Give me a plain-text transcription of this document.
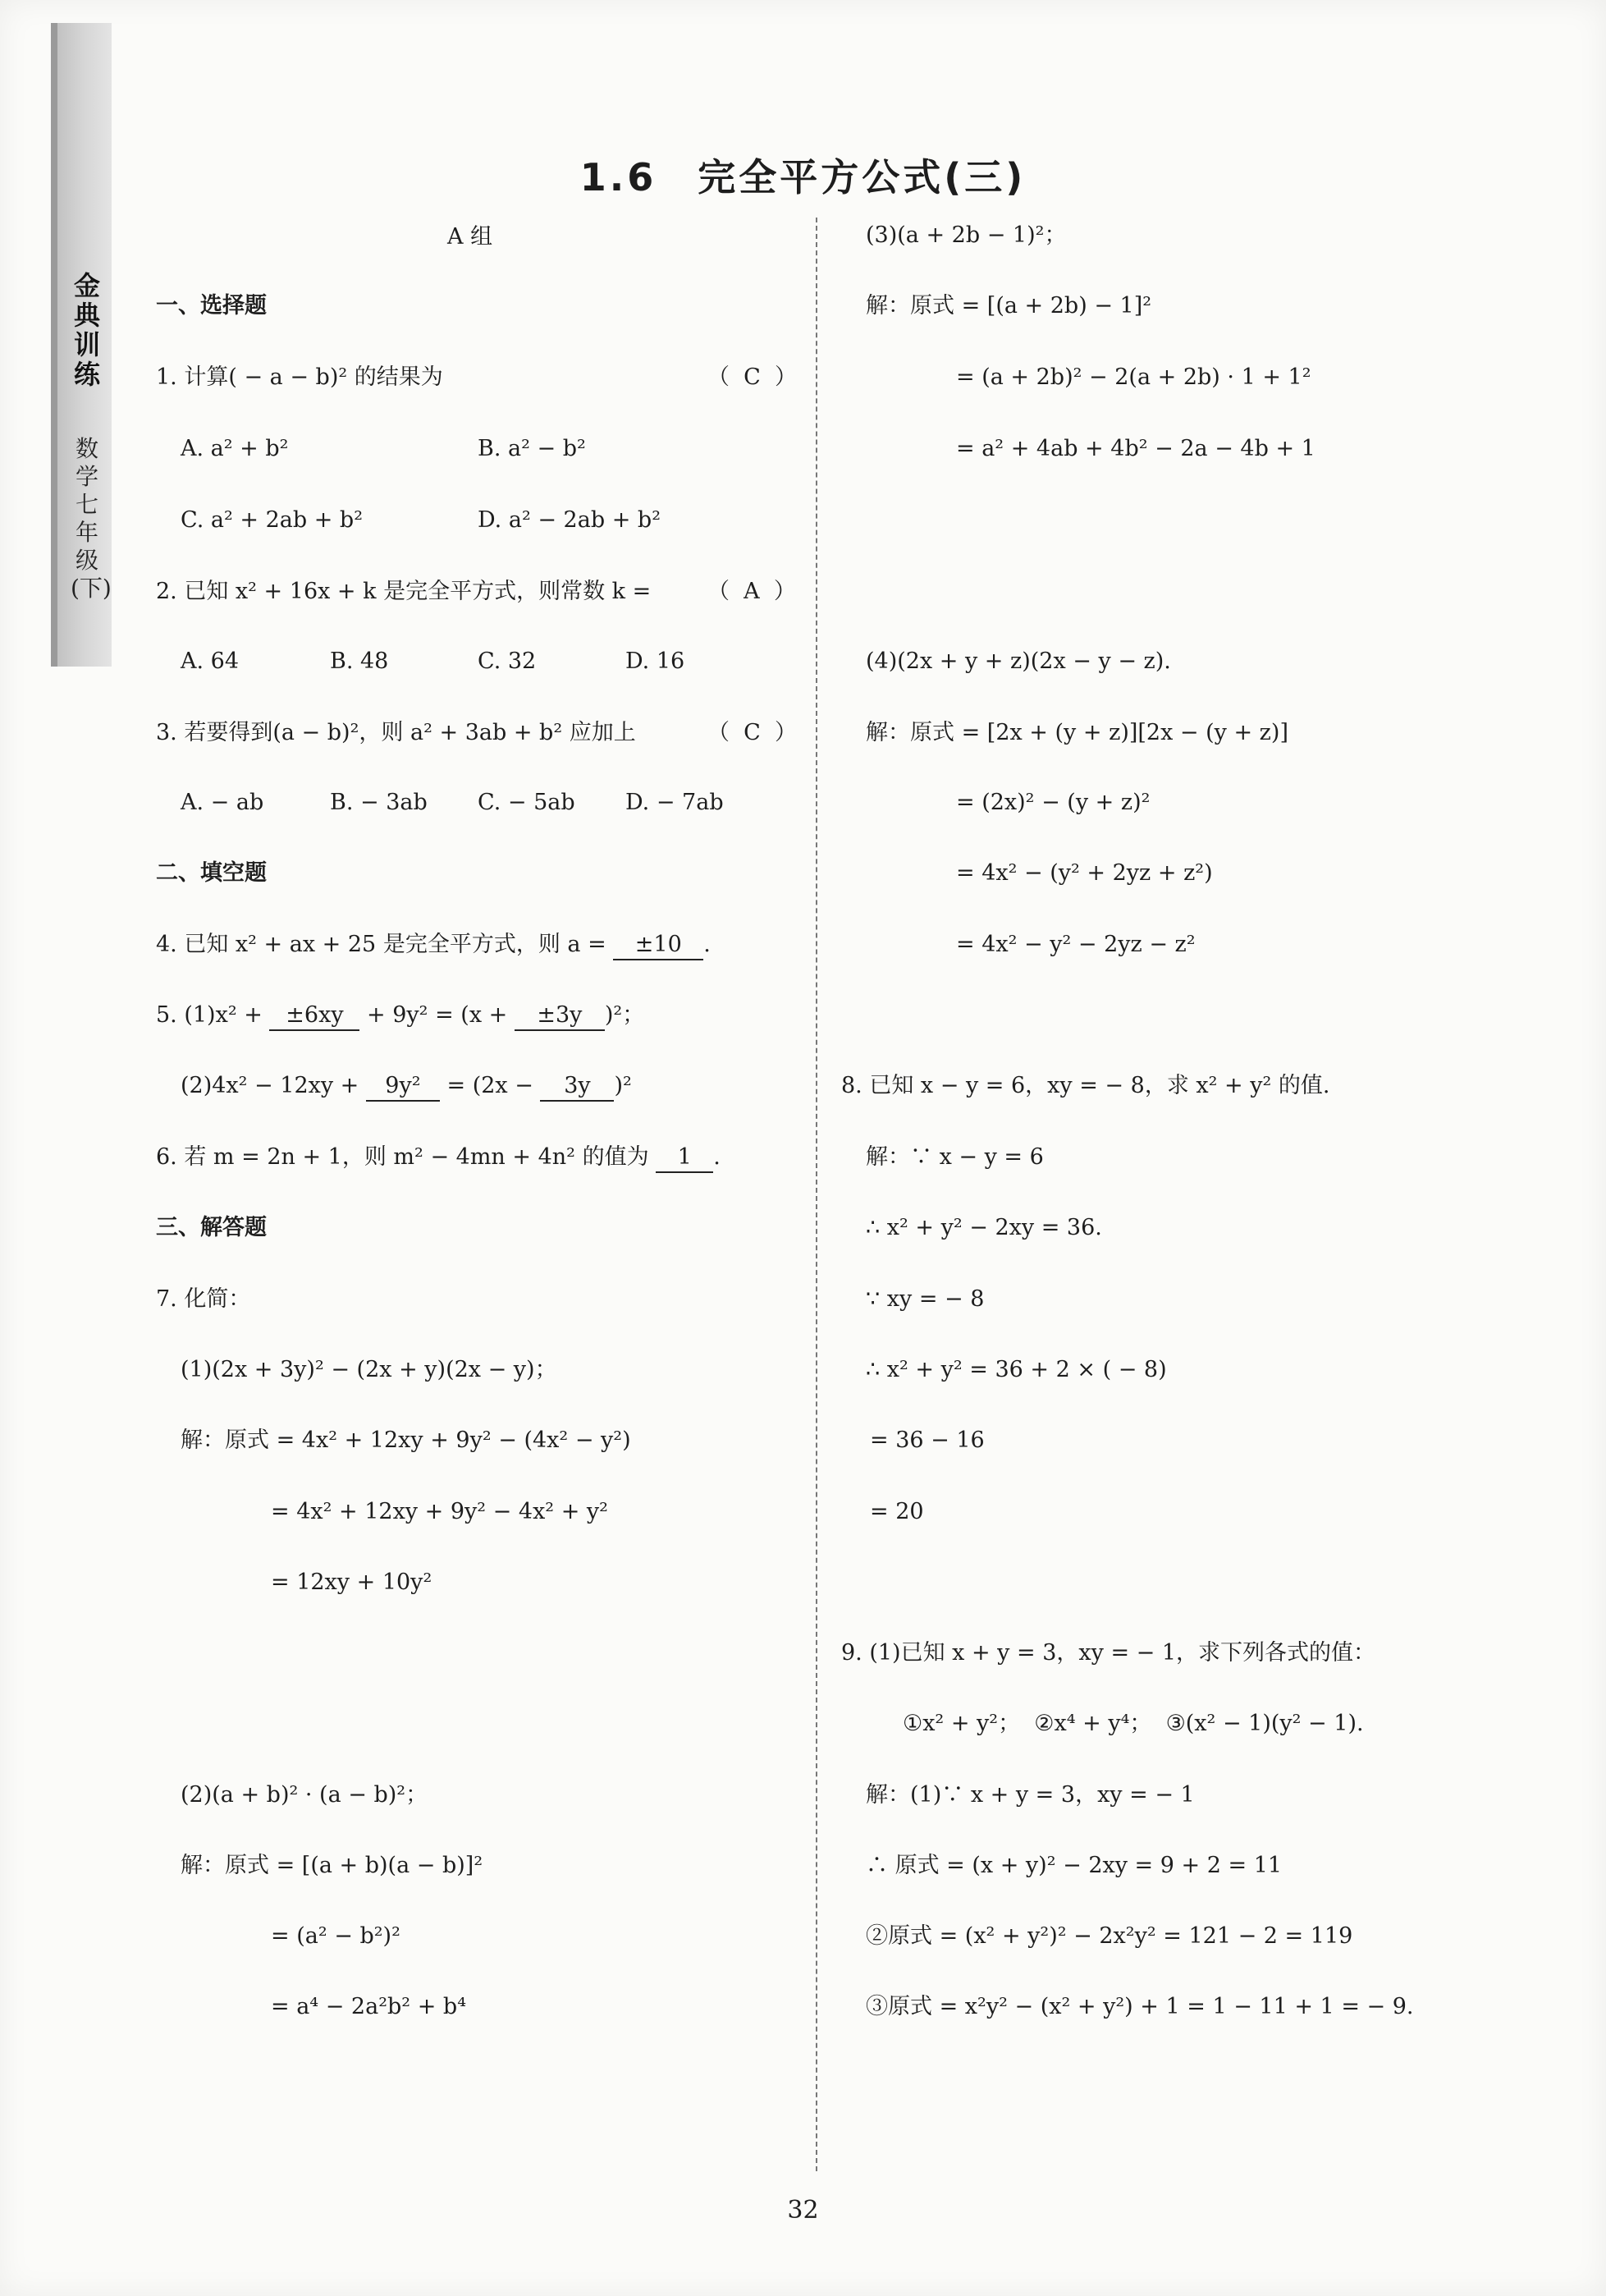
金典训练
数学 七年级(下)
1.6　完全平方公式(三)
A 组
一、选择题
1. 计算( − a − b)² 的结果为	（  C  ）
A. a² + b²	B. a² − b²
C. a² + 2ab + b²	D. a² − 2ab + b²
2. 已知 x² + 16x + k 是完全平方式，则常数 k =	（  A  ）
A. 64	B. 48	C. 32	D. 16
3. 若要得到(a − b)²，则 a² + 3ab + b² 应加上	（  C  ）
A. − ab	B. − 3ab C. − 5ab D. − 7ab
二、填空题
4. 已知 x² + ax + 25 是完全平方式，则 a = ±10 .
5. (1)x² + ±6xy + 9y² = (x + ±3y )²；
(2)4x² − 12xy + 9y² = (2x − 3y )²
6. 若 m = 2n + 1，则 m² − 4mn + 4n² 的值为 1 .
三、解答题
7. 化简：
(1)(2x + 3y)² − (2x + y)(2x − y)；
解：原式 = 4x² + 12xy + 9y² − (4x² − y²)
= 4x² + 12xy + 9y² − 4x² + y²
= 12xy + 10y²
(2)(a + b)² · (a − b)²；
解：原式 = [(a + b)(a − b)]²
= (a² − b²)²
= a⁴ − 2a²b² + b⁴
(3)(a + 2b − 1)²；
解：原式 = [(a + 2b) − 1]²
= (a + 2b)² − 2(a + 2b) · 1 + 1²
= a² + 4ab + 4b² − 2a − 4b + 1
(4)(2x + y + z)(2x − y − z).
解：原式 = [2x + (y + z)][2x − (y + z)]
= (2x)² − (y + z)²
= 4x² − (y² + 2yz + z²)
= 4x² − y² − 2yz − z²
8. 已知 x − y = 6，xy = − 8，求 x² + y² 的值.
解：∵ x − y = 6
∴ x² + y² − 2xy = 36.
∵ xy = − 8
∴ x² + y² = 36 + 2 × ( − 8)
= 36 − 16
= 20
9. (1)已知 x + y = 3，xy = − 1，求下列各式的值：
①x² + y²；  ②x⁴ + y⁴；  ③(x² − 1)(y² − 1).
解：(1)∵ x + y = 3，xy = − 1
∴ 原式 = (x + y)² − 2xy = 9 + 2 = 11
②原式 = (x² + y²)² − 2x²y² = 121 − 2 = 119
③原式 = x²y² − (x² + y²) + 1 = 1 − 11 + 1 = − 9.
32
